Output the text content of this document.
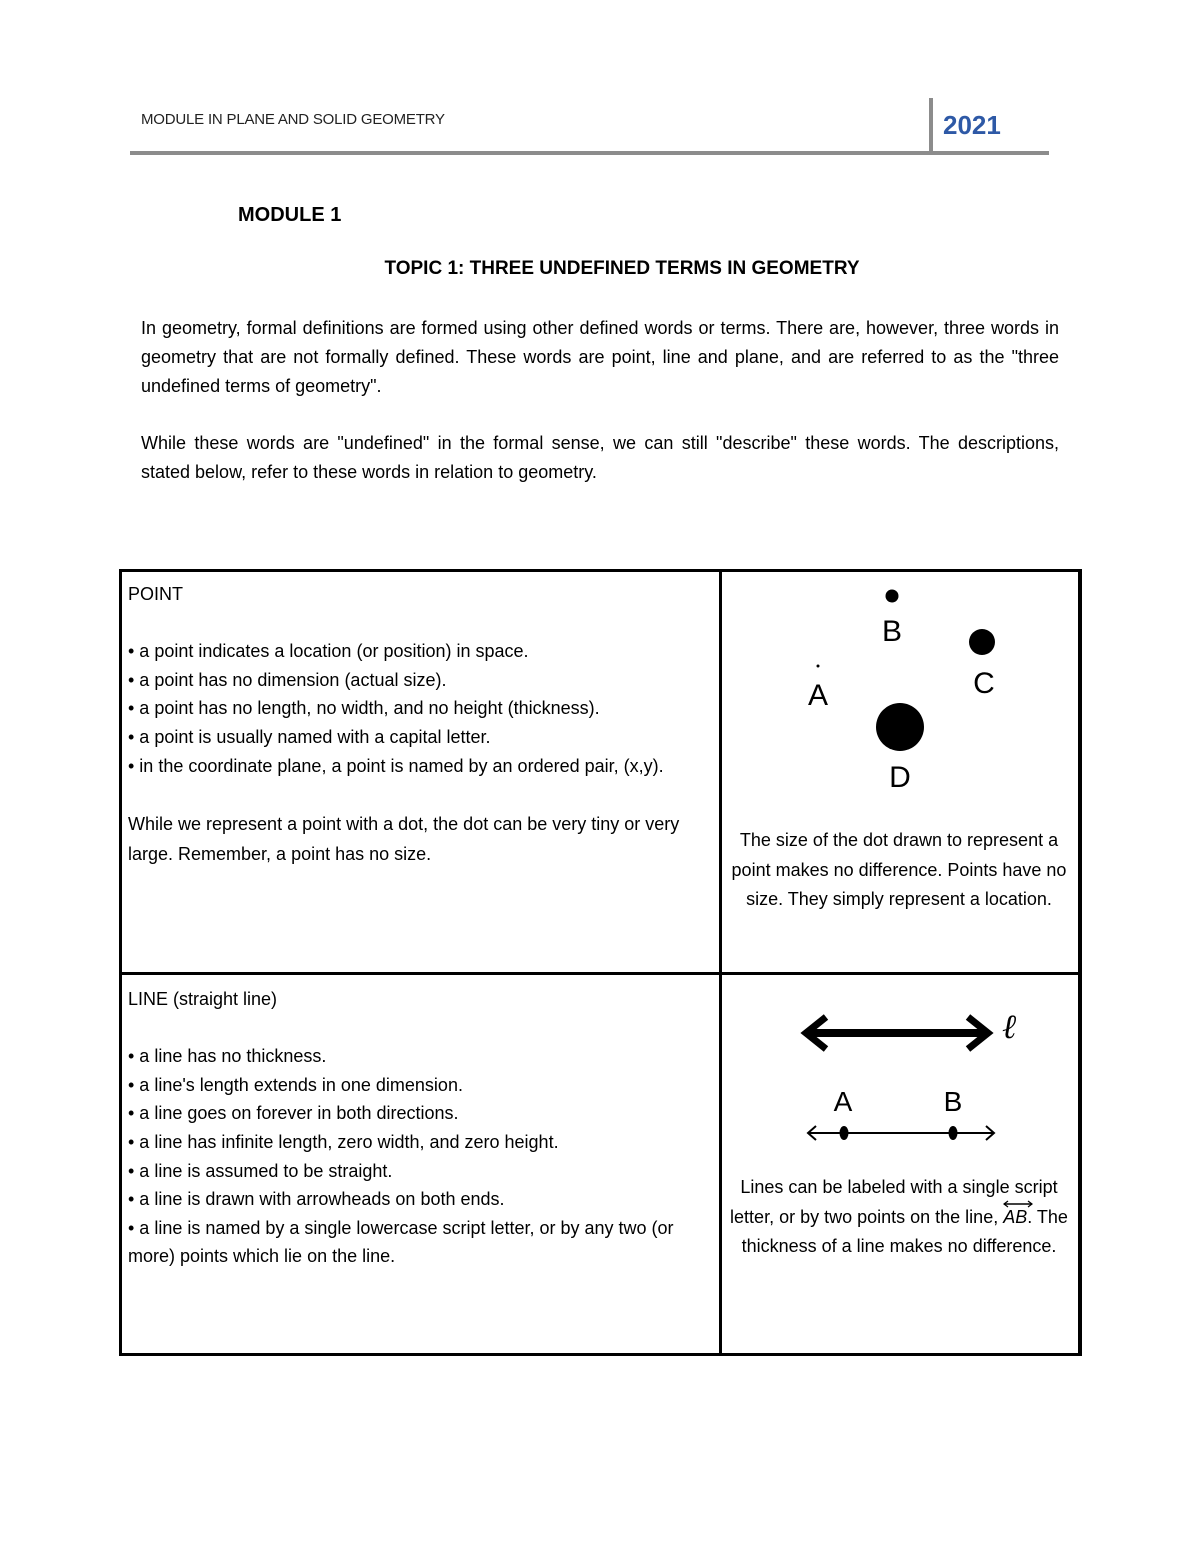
MODULE IN PLANE AND SOLID GEOMETRY	2021
MODULE 1
TOPIC 1: THREE UNDEFINED TERMS IN GEOMETRY
In geometry, formal definitions are formed using other defined words or terms. There are, however, three words in geometry that are not formally defined. These words are point, line and plane, and are referred to as the "three undefined terms of geometry".
While these words are "undefined" in the formal sense, we can still "describe" these words. The descriptions, stated below, refer to these words in relation to geometry.

POINT

• a point indicates a location (or position) in space.

• a point has no dimension (actual size).

• a point has no length, no width, and no height (thickness).

• a point is usually named with a capital letter.

• in the coordinate plane, a point is named by an ordered pair, (x,y).

While we represent a point with a dot, the dot can be very tiny or very large. Remember, a point has no size.

A
B
C
D
The size of the dot drawn to represent a point makes no difference. Points have no size. They simply represent a location.

LINE (straight line)

• a line has no thickness.

• a line's length extends in one dimension.

• a line goes on forever in both directions.

• a line has infinite length, zero width, and zero height.

• a line is assumed to be straight.

• a line is drawn with arrowheads on both ends.

• a line is named by a single lowercase script letter, or by any two (or more) points which lie on the line.

ℓ
A	B
Lines can be labeled with a single script letter, or by two points on the line, AB. The thickness of a line makes no difference.
